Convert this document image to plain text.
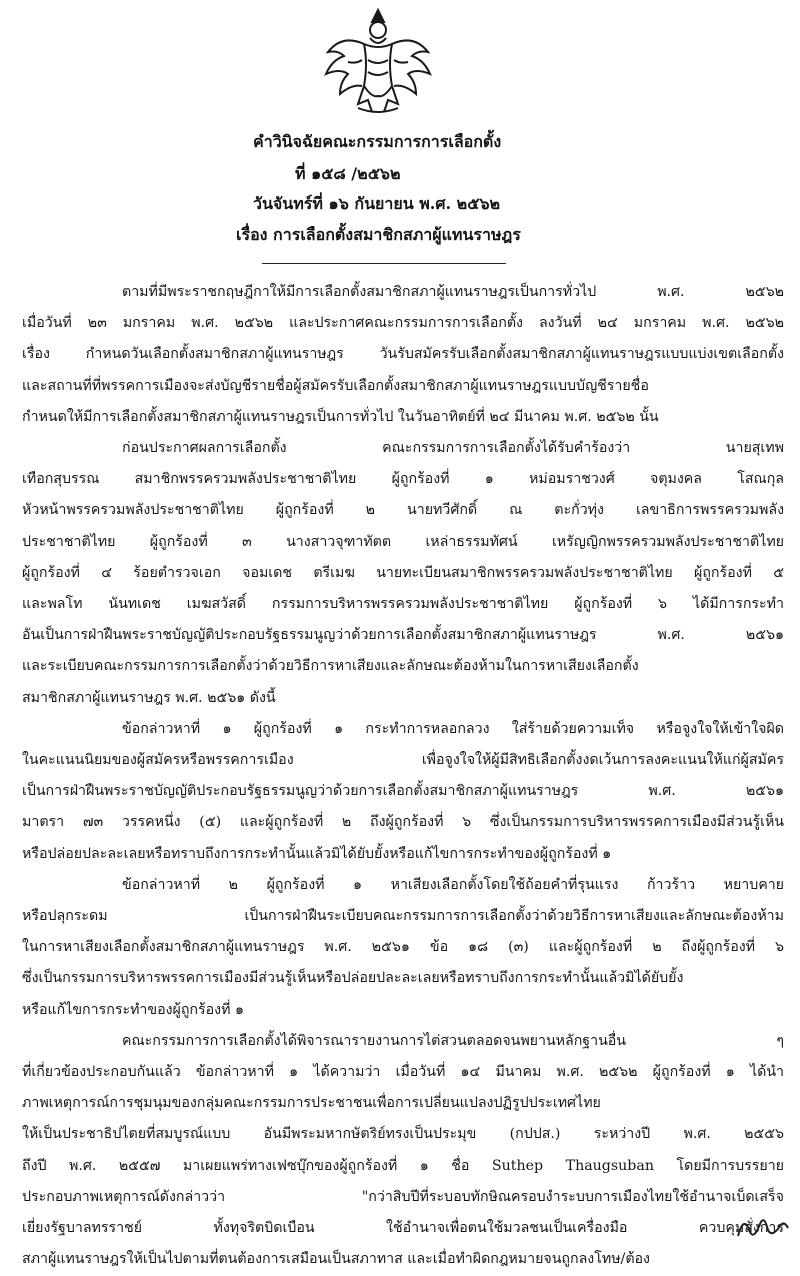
คำวินิจฉัยคณะกรรมการการเลือกตั้ง
ที่ ๑๕๘ /๒๕๖๒
วันจันทร์ที่ ๑๖ กันยายน พ.ศ. ๒๕๖๒
เรื่อง การเลือกตั้งสมาชิกสภาผู้แทนราษฎร
ตามที่มีพระราชกฤษฎีกาให้มีการเลือกตั้งสมาชิกสภาผู้แทนราษฎรเป็นการทั่วไป พ.ศ. ๒๕๖๒
เมื่อวันที่ ๒๓ มกราคม พ.ศ. ๒๕๖๒ และประกาศคณะกรรมการการเลือกตั้ง ลงวันที่ ๒๔ มกราคม พ.ศ. ๒๕๖๒
เรื่อง กำหนดวันเลือกตั้งสมาชิกสภาผู้แทนราษฎร วันรับสมัครรับเลือกตั้งสมาชิกสภาผู้แทนราษฎรแบบแบ่งเขตเลือกตั้ง
และสถานที่ที่พรรคการเมืองจะส่งบัญชีรายชื่อผู้สมัครรับเลือกตั้งสมาชิกสภาผู้แทนราษฎรแบบบัญชีรายชื่อ
กำหนดให้มีการเลือกตั้งสมาชิกสภาผู้แทนราษฎรเป็นการทั่วไป ในวันอาทิตย์ที่ ๒๔ มีนาคม พ.ศ. ๒๕๖๒ นั้น
ก่อนประกาศผลการเลือกตั้ง คณะกรรมการการเลือกตั้งได้รับคำร้องว่า นายสุเทพ
เทือกสุบรรณ สมาชิกพรรครวมพลังประชาชาติไทย ผู้ถูกร้องที่ ๑ หม่อมราชวงศ์ จตุมงคล โสณกุล
หัวหน้าพรรครวมพลังประชาชาติไทย ผู้ถูกร้องที่ ๒ นายทวีศักดิ์ ณ ตะกั่วทุ่ง เลขาธิการพรรครวมพลัง
ประชาชาติไทย ผู้ถูกร้องที่ ๓ นางสาวจุฑาทัตต เหล่าธรรมทัศน์ เหรัญญิกพรรครวมพลังประชาชาติไทย
ผู้ถูกร้องที่ ๔ ร้อยตำรวจเอก จอมเดช ตรีเมฆ นายทะเบียนสมาชิกพรรครวมพลังประชาชาติไทย ผู้ถูกร้องที่ ๕
และพลโท นันทเดช เมฆสวัสดิ์ กรรมการบริหารพรรครวมพลังประชาชาติไทย ผู้ถูกร้องที่ ๖ ได้มีการกระทำ
อันเป็นการฝ่าฝืนพระราชบัญญัติประกอบรัฐธรรมนูญว่าด้วยการเลือกตั้งสมาชิกสภาผู้แทนราษฎร พ.ศ. ๒๕๖๑
และระเบียบคณะกรรมการการเลือกตั้งว่าด้วยวิธีการหาเสียงและลักษณะต้องห้ามในการหาเสียงเลือกตั้ง
สมาชิกสภาผู้แทนราษฎร พ.ศ. ๒๕๖๑ ดังนี้
ข้อกล่าวหาที่ ๑ ผู้ถูกร้องที่ ๑ กระทำการหลอกลวง ใส่ร้ายด้วยความเท็จ หรือจูงใจให้เข้าใจผิด
ในคะแนนนิยมของผู้สมัครหรือพรรคการเมือง เพื่อจูงใจให้ผู้มีสิทธิเลือกตั้งงดเว้นการลงคะแนนให้แก่ผู้สมัคร
เป็นการฝ่าฝืนพระราชบัญญัติประกอบรัฐธรรมนูญว่าด้วยการเลือกตั้งสมาชิกสภาผู้แทนราษฎร พ.ศ. ๒๕๖๑
มาตรา ๗๓ วรรคหนึ่ง (๕) และผู้ถูกร้องที่ ๒ ถึงผู้ถูกร้องที่ ๖ ซึ่งเป็นกรรมการบริหารพรรคการเมืองมีส่วนรู้เห็น
หรือปล่อยปละละเลยหรือทราบถึงการกระทำนั้นแล้วมิได้ยับยั้งหรือแก้ไขการกระทำของผู้ถูกร้องที่ ๑
ข้อกล่าวหาที่ ๒ ผู้ถูกร้องที่ ๑ หาเสียงเลือกตั้งโดยใช้ถ้อยคำที่รุนแรง ก้าวร้าว หยาบคาย
หรือปลุกระดม เป็นการฝ่าฝืนระเบียบคณะกรรมการการเลือกตั้งว่าด้วยวิธีการหาเสียงและลักษณะต้องห้าม
ในการหาเสียงเลือกตั้งสมาชิกสภาผู้แทนราษฎร พ.ศ. ๒๕๖๑ ข้อ ๑๘ (๓) และผู้ถูกร้องที่ ๒ ถึงผู้ถูกร้องที่ ๖
ซึ่งเป็นกรรมการบริหารพรรคการเมืองมีส่วนรู้เห็นหรือปล่อยปละละเลยหรือทราบถึงการกระทำนั้นแล้วมิได้ยับยั้ง
หรือแก้ไขการกระทำของผู้ถูกร้องที่ ๑
คณะกรรมการการเลือกตั้งได้พิจารณารายงานการไต่สวนตลอดจนพยานหลักฐานอื่น ๆ
ที่เกี่ยวข้องประกอบกันแล้ว ข้อกล่าวหาที่ ๑ ได้ความว่า เมื่อวันที่ ๑๔ มีนาคม พ.ศ. ๒๕๖๒ ผู้ถูกร้องที่ ๑ ได้นำ
ภาพเหตุการณ์การชุมนุมของกลุ่มคณะกรรมการประชาชนเพื่อการเปลี่ยนแปลงปฏิรูปประเทศไทย
ให้เป็นประชาธิปไตยที่สมบูรณ์แบบ อันมีพระมหากษัตริย์ทรงเป็นประมุข (กปปส.) ระหว่างปี พ.ศ. ๒๕๕๖
ถึงปี พ.ศ. ๒๕๕๗ มาเผยแพร่ทางเฟซบุ๊กของผู้ถูกร้องที่ ๑ ชื่อ Suthep Thaugsuban โดยมีการบรรยาย
ประกอบภาพเหตุการณ์ดังกล่าวว่า "กว่าสิบปีที่ระบอบทักษิณครอบงำระบบการเมืองไทยใช้อำนาจเบ็ดเสร็จ
เยี่ยงรัฐบาลทรราชย์ ทั้งทุจริตบิดเบือน ใช้อำนาจเพื่อตนใช้มวลชนเป็นเครื่องมือ ควบคุมสั่งการ
สภาผู้แทนราษฎรให้เป็นไปตามที่ตนต้องการเสมือนเป็นสภาทาส และเมื่อทำผิดกฎหมายจนถูกลงโทษ/ต้อง
